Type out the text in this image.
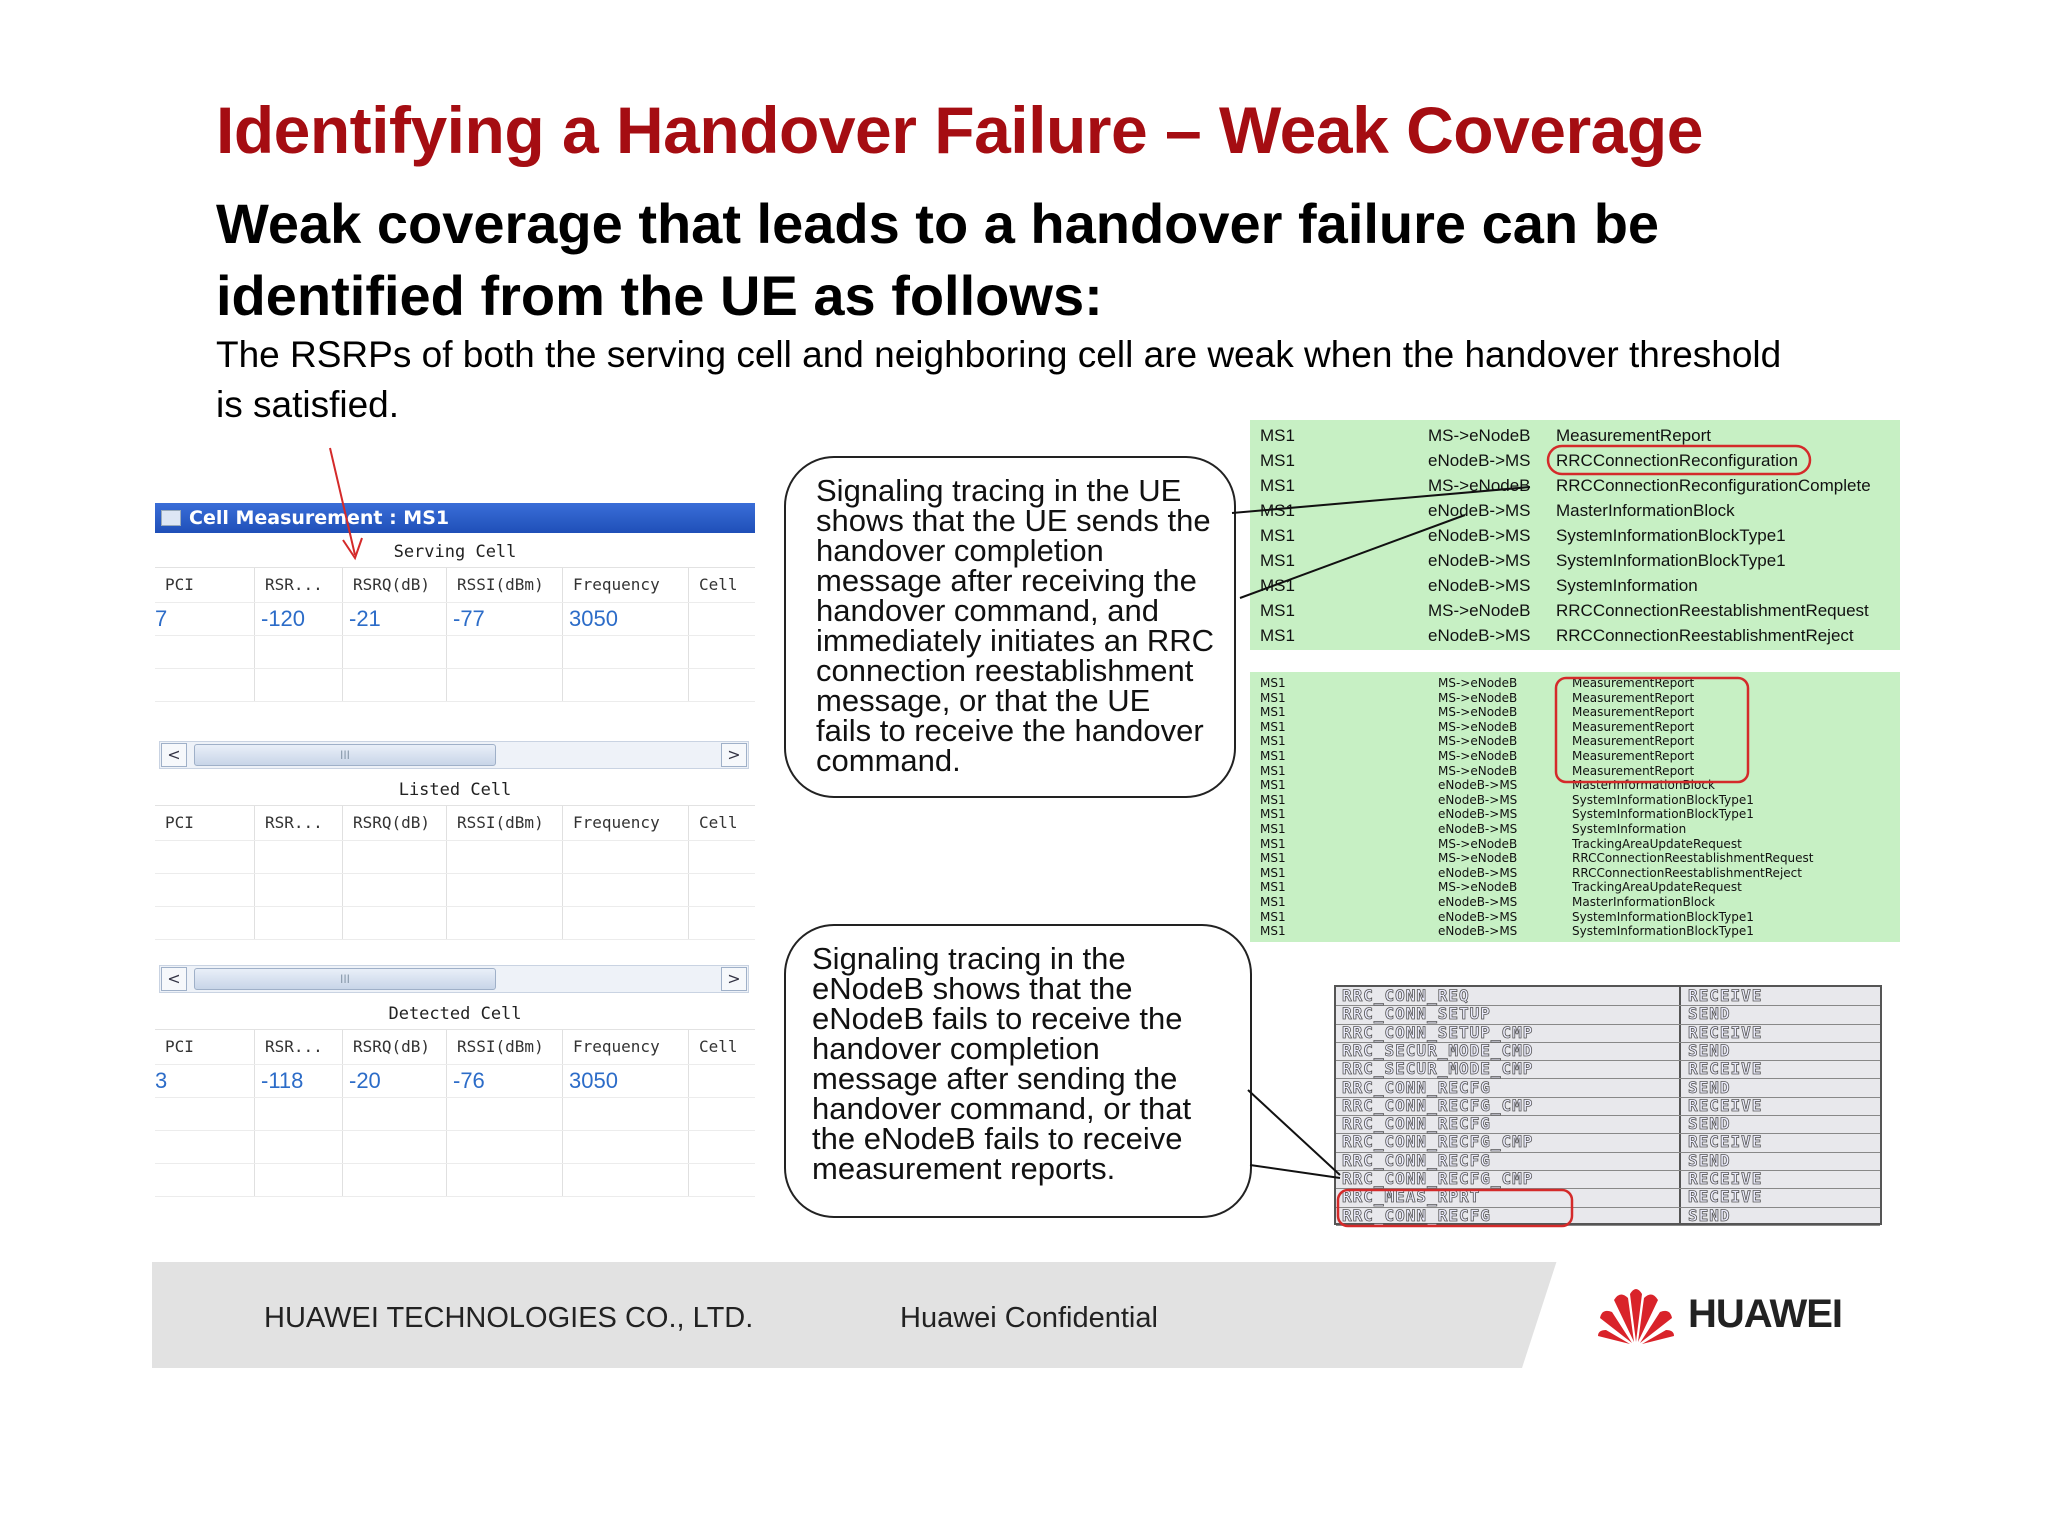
Identifying a Handover Failure – Weak Coverage
Weak coverage that leads to a handover failure can be identified from the UE as follows:
The RSRPs of both the serving cell and neighboring cell are weak when the handover threshold is satisfied.
Cell Measurement : MS1
Serving Cell
PCI	RSR...	RSRQ(dB)	RSSI(dBm)	Frequency	Cell
7	-120	-21	-77	3050
<	III	>
Listed Cell
PCI	RSR...	RSRQ(dB)	RSSI(dBm)	Frequency	Cell
<	III	>
Detected Cell
PCI	RSR...	RSRQ(dB)	RSSI(dBm)	Frequency	Cell
3	-118	-20	-76	3050
Signaling tracing in the UE shows that the UE sends the handover completion message after receiving the handover command, and immediately initiates an RRC connection reestablishment message, or that the UE fails to receive the handover command.
Signaling tracing in the eNodeB shows that the eNodeB fails to receive the handover completion message after sending the handover command, or that the eNodeB fails to receive measurement reports.
MS1	MS->eNodeB MeasurementReport
MS1	eNodeB->MS RRCConnectionReconfiguration
MS1	MS->eNodeB RRCConnectionReconfigurationComplete
MS1	eNodeB->MS MasterInformationBlock
MS1	eNodeB->MS SystemInformationBlockType1
MS1	eNodeB->MS SystemInformationBlockType1
MS1	eNodeB->MS SystemInformation
MS1	MS->eNodeB RRCConnectionReestablishmentRequest
MS1	eNodeB->MS RRCConnectionReestablishmentReject
MS1	MS->eNodeB	MeasurementReport
MS1	MS->eNodeB	MeasurementReport
MS1	MS->eNodeB	MeasurementReport
MS1	MS->eNodeB	MeasurementReport
MS1	MS->eNodeB	MeasurementReport
MS1	MS->eNodeB	MeasurementReport
MS1	MS->eNodeB	MeasurementReport
MS1	eNodeB->MS	MasterInformationBlock
MS1	eNodeB->MS	SystemInformationBlockType1
MS1	eNodeB->MS	SystemInformationBlockType1
MS1	eNodeB->MS	SystemInformation
MS1	MS->eNodeB	TrackingAreaUpdateRequest
MS1	MS->eNodeB	RRCConnectionReestablishmentRequest
MS1	eNodeB->MS	RRCConnectionReestablishmentReject
MS1	MS->eNodeB	TrackingAreaUpdateRequest
MS1	eNodeB->MS	MasterInformationBlock
MS1	eNodeB->MS	SystemInformationBlockType1
MS1	eNodeB->MS	SystemInformationBlockType1
RRC_CONN_REQ	RECEIVE
RRC_CONN_SETUP	SEND
RRC_CONN_SETUP_CMP	RECEIVE
RRC_SECUR_MODE_CMD	SEND
RRC_SECUR_MODE_CMP	RECEIVE
RRC_CONN_RECFG	SEND
RRC_CONN_RECFG_CMP	RECEIVE
RRC_CONN_RECFG	SEND
RRC_CONN_RECFG_CMP	RECEIVE
RRC_CONN_RECFG	SEND
RRC_CONN_RECFG_CMP	RECEIVE
RRC_MEAS_RPRT	RECEIVE
RRC_CONN_RECFG	SEND
HUAWEI TECHNOLOGIES CO., LTD.	Huawei Confidential	HUAWEI
